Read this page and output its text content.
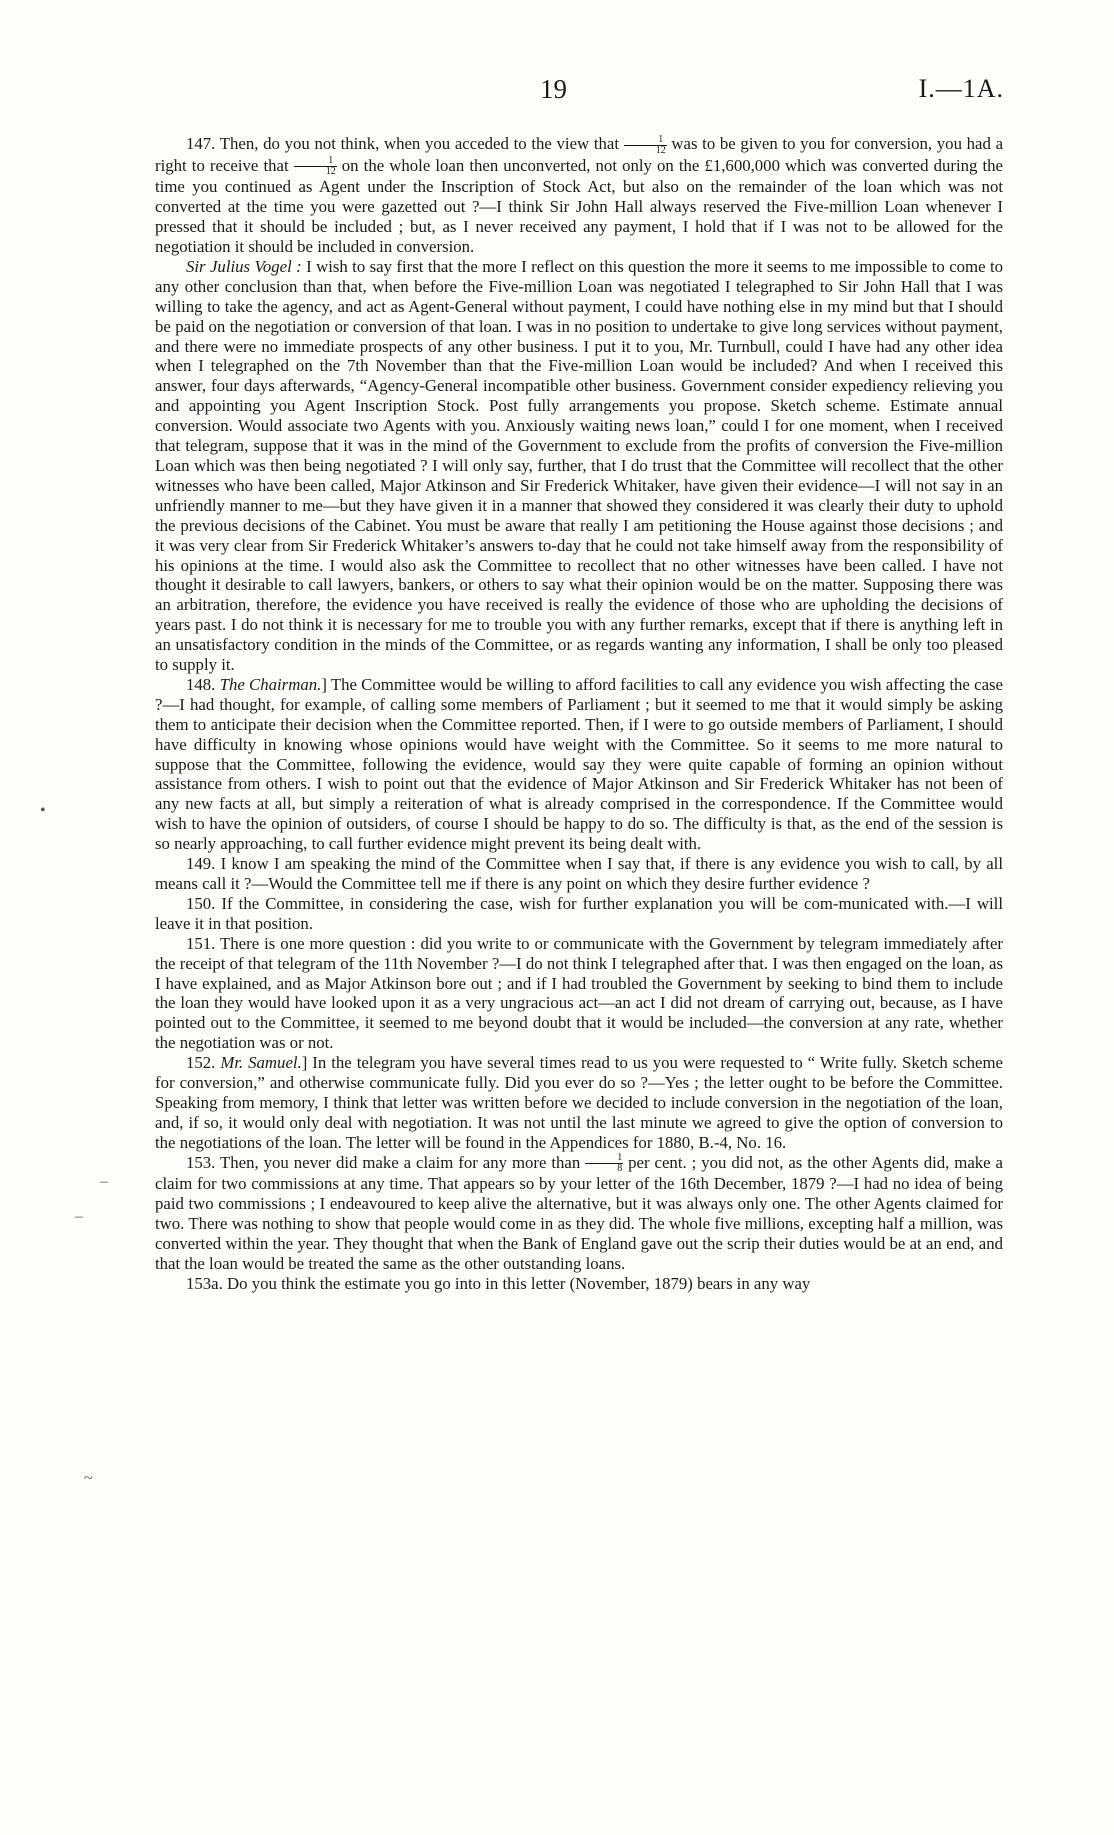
19	I.—1A.

147. Then, do you not think, when you acceded to the view that $\frac{1}{12}$ was to be given to you for conversion, you had a right to receive that $\frac{1}{12}$ on the whole loan then unconverted, not only on the £1,600,000 which was converted during the time you continued as Agent under the Inscription of Stock Act, but also on the remainder of the loan which was not converted at the time you were gazetted out ?—I think Sir John Hall always reserved the Five-million Loan whenever I pressed that it should be included ; but, as I never received any payment, I hold that if I was not to be allowed for the negotiation it should be included in conversion.

Sir Julius Vogel : I wish to say first that the more I reflect on this question the more it seems to me impossible to come to any other conclusion than that, when before the Five-million Loan was negotiated I telegraphed to Sir John Hall that I was willing to take the agency, and act as Agent-General without payment, I could have nothing else in my mind but that I should be paid on the negotiation or conversion of that loan. I was in no position to undertake to give long services without payment, and there were no immediate prospects of any other business. I put it to you, Mr. Turnbull, could I have had any other idea when I telegraphed on the 7th November than that the Five-million Loan would be included? And when I received this answer, four days afterwards, “Agency-General incompatible other business. Government consider expediency relieving you and appointing you Agent Inscription Stock. Post fully arrangements you propose. Sketch scheme. Estimate annual conversion. Would associate two Agents with you. Anxiously waiting news loan,” could I for one moment, when I received that telegram, suppose that it was in the mind of the Government to exclude from the profits of conversion the Five-million Loan which was then being negotiated ? I will only say, further, that I do trust that the Committee will recollect that the other witnesses who have been called, Major Atkinson and Sir Frederick Whitaker, have given their evidence—I will not say in an unfriendly manner to me—but they have given it in a manner that showed they considered it was clearly their duty to uphold the previous decisions of the Cabinet. You must be aware that really I am petitioning the House against those decisions ; and it was very clear from Sir Frederick Whitaker’s answers to-day that he could not take himself away from the responsibility of his opinions at the time. I would also ask the Committee to recollect that no other witnesses have been called. I have not thought it desirable to call lawyers, bankers, or others to say what their opinion would be on the matter. Supposing there was an arbitration, therefore, the evidence you have received is really the evidence of those who are upholding the decisions of years past. I do not think it is necessary for me to trouble you with any further remarks, except that if there is anything left in an unsatisfactory condition in the minds of the Committee, or as regards wanting any information, I shall be only too pleased to supply it.

148. The Chairman.] The Committee would be willing to afford facilities to call any evidence you wish affecting the case ?—I had thought, for example, of calling some members of Parliament ; but it seemed to me that it would simply be asking them to anticipate their decision when the Committee reported. Then, if I were to go outside members of Parliament, I should have difficulty in knowing whose opinions would have weight with the Committee. So it seems to me more natural to suppose that the Committee, following the evidence, would say they were quite capable of forming an opinion without assistance from others. I wish to point out that the evidence of Major Atkinson and Sir Frederick Whitaker has not been of any new facts at all, but simply a reiteration of what is already comprised in the correspondence. If the Committee would wish to have the opinion of outsiders, of course I should be happy to do so. The difficulty is that, as the end of the session is so nearly approaching, to call further evidence might prevent its being dealt with.

149. I know I am speaking the mind of the Committee when I say that, if there is any evidence you wish to call, by all means call it ?—Would the Committee tell me if there is any point on which they desire further evidence ?

150. If the Committee, in considering the case, wish for further explanation you will be com-municated with.—I will leave it in that position.

151. There is one more question : did you write to or communicate with the Government by telegram immediately after the receipt of that telegram of the 11th November ?—I do not think I telegraphed after that. I was then engaged on the loan, as I have explained, and as Major Atkinson bore out ; and if I had troubled the Government by seeking to bind them to include the loan they would have looked upon it as a very ungracious act—an act I did not dream of carrying out, because, as I have pointed out to the Committee, it seemed to me beyond doubt that it would be included—the conversion at any rate, whether the negotiation was or not.

152. Mr. Samuel.] In the telegram you have several times read to us you were requested to “ Write fully. Sketch scheme for conversion,” and otherwise communicate fully. Did you ever do so ?—Yes ; the letter ought to be before the Committee. Speaking from memory, I think that letter was written before we decided to include conversion in the negotiation of the loan, and, if so, it would only deal with negotiation. It was not until the last minute we agreed to give the option of conversion to the negotiations of the loan. The letter will be found in the Appendices for 1880, B.-4, No. 16.

153. Then, you never did make a claim for any more than $\frac{1}{8}$ per cent. ; you did not, as the other Agents did, make a claim for two commissions at any time. That appears so by your letter of the 16th December, 1879 ?—I had no idea of being paid two commissions ; I endeavoured to keep alive the alternative, but it was always only one. The other Agents claimed for two. There was nothing to show that people would come in as they did. The whole five millions, excepting half a million, was converted within the year. They thought that when the Bank of England gave out the scrip their duties would be at an end, and that the loan would be treated the same as the other outstanding loans.

153a. Do you think the estimate you go into in this letter (November, 1879) bears in any way

•
–
–
~
